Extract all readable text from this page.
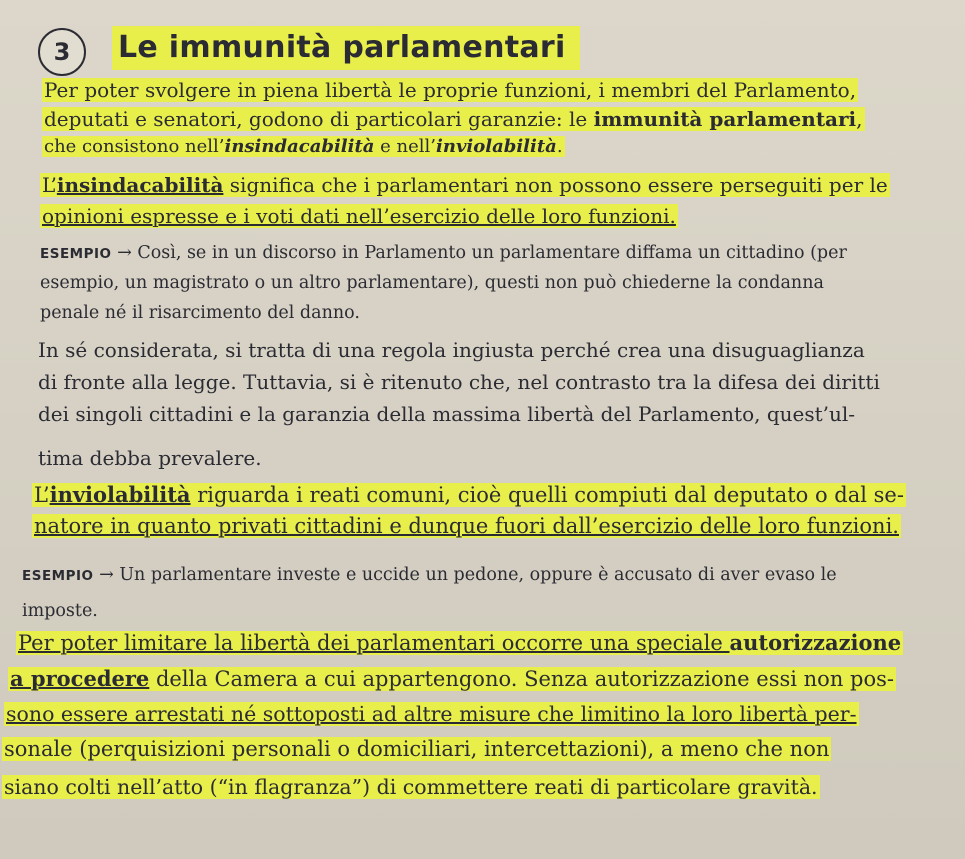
3 Le immunità parlamentari
Per poter svolgere in piena libertà le proprie funzioni, i membri del Parlamento,
deputati e senatori, godono di particolari garanzie: le immunità parlamentari,
che consistono nell’insindacabilità e nell’inviolabilità.
L’insindacabilità significa che i parlamentari non possono essere perseguiti per le
opinioni espresse e i voti dati nell’esercizio delle loro funzioni.
ESEMPIO → Così, se in un discorso in Parlamento un parlamentare diffama un cittadino (per
esempio, un magistrato o un altro parlamentare), questi non può chiederne la condanna
penale né il risarcimento del danno.
In sé considerata, si tratta di una regola ingiusta perché crea una disuguaglianza
di fronte alla legge. Tuttavia, si è ritenuto che, nel contrasto tra la difesa dei diritti
dei singoli cittadini e la garanzia della massima libertà del Parlamento, quest’ul-
tima debba prevalere.
L’inviolabilità riguarda i reati comuni, cioè quelli compiuti dal deputato o dal se-
natore in quanto privati cittadini e dunque fuori dall’esercizio delle loro funzioni.
ESEMPIO → Un parlamentare investe e uccide un pedone, oppure è accusato di aver evaso le
imposte.
Per poter limitare la libertà dei parlamentari occorre una speciale autorizzazione
a procedere della Camera a cui appartengono. Senza autorizzazione essi non pos-
sono essere arrestati né sottoposti ad altre misure che limitino la loro libertà per-
sonale (perquisizioni personali o domiciliari, intercettazioni), a meno che non
siano colti nell’atto (“in flagranza”) di commettere reati di particolare gravità.
